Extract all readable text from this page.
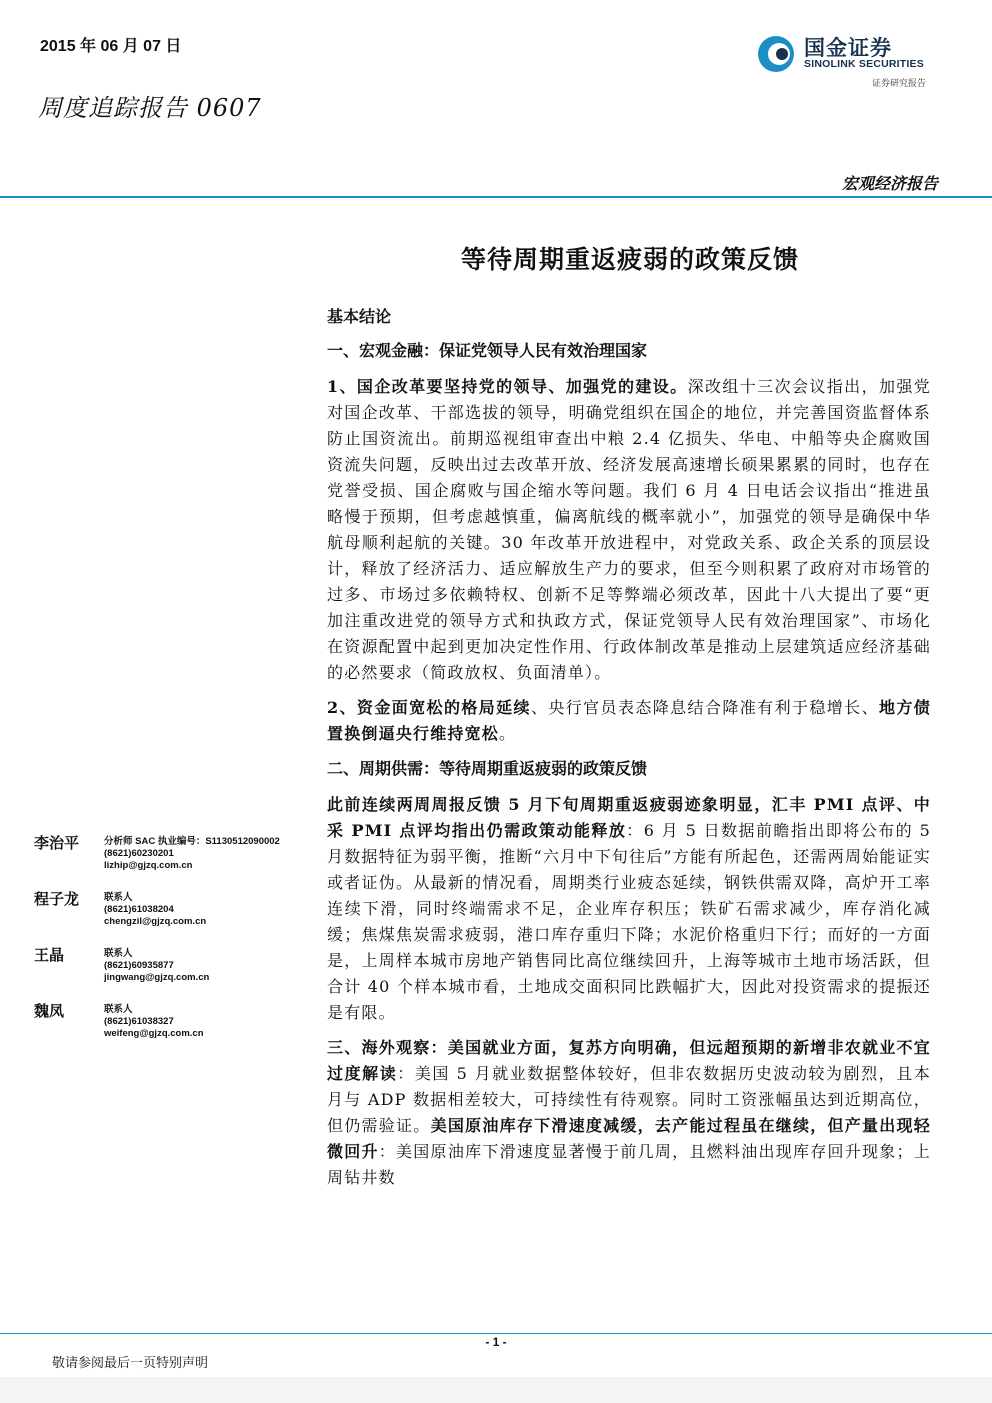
2015 年 06 月 07 日
周度追踪报告 0607
国金证券
SINOLINK SECURITIES
证券研究报告
宏观经济报告
等待周期重返疲弱的政策反馈
基本结论
一、宏观金融：保证党领导人民有效治理国家

1、国企改革要坚持党的领导、加强党的建设。深改组十三次会议指出，加强党对国企改革、干部选拔的领导，明确党组织在国企的地位，并完善国资监督体系防止国资流出。前期巡视组审查出中粮 2.4 亿损失、华电、中船等央企腐败国资流失问题，反映出过去改革开放、经济发展高速增长硕果累累的同时，也存在党誉受损、国企腐败与国企缩水等问题。我们 6 月 4 日电话会议指出“推进虽略慢于预期，但考虑越慎重，偏离航线的概率就小”，加强党的领导是确保中华航母顺利起航的关键。30 年改革开放进程中，对党政关系、政企关系的顶层设计，释放了经济活力、适应解放生产力的要求，但至今则积累了政府对市场管的过多、市场过多依赖特权、创新不足等弊端必须改革，因此十八大提出了要“更加注重改进党的领导方式和执政方式，保证党领导人民有效治理国家”、市场化在资源配置中起到更加决定性作用、行政体制改革是推动上层建筑适应经济基础的必然要求（简政放权、负面清单）。

2、资金面宽松的格局延续、央行官员表态降息结合降准有利于稳增长、地方债置换倒逼央行维持宽松。

二、周期供需：等待周期重返疲弱的政策反馈

此前连续两周周报反馈 5 月下旬周期重返疲弱迹象明显，汇丰 PMI 点评、中采 PMI 点评均指出仍需政策动能释放：6 月 5 日数据前瞻指出即将公布的 5 月数据特征为弱平衡，推断“六月中下旬往后”方能有所起色，还需两周始能证实或者证伪。从最新的情况看，周期类行业疲态延续，钢铁供需双降，高炉开工率连续下滑，同时终端需求不足，企业库存积压；铁矿石需求减少，库存消化减缓；焦煤焦炭需求疲弱，港口库存重归下降；水泥价格重归下行；而好的一方面是，上周样本城市房地产销售同比高位继续回升，上海等城市土地市场活跃，但合计 40 个样本城市看，土地成交面积同比跌幅扩大，因此对投资需求的提振还是有限。

三、海外观察：美国就业方面，复苏方向明确，但远超预期的新增非农就业不宜过度解读：美国 5 月就业数据整体较好，但非农数据历史波动较为剧烈，且本月与 ADP 数据相差较大，可持续性有待观察。同时工资涨幅虽达到近期高位，但仍需验证。美国原油库存下滑速度减缓，去产能过程虽在继续，但产量出现轻微回升：美国原油库下滑速度显著慢于前几周，且燃料油出现库存回升现象；上周钻井数

李治平	分析师 SAC 执业编号：S1130512090002
(8621)60230201
lizhip@gjzq.com.cn
程子龙	联系人
(8621)61038204
chengzil@gjzq.com.cn
王晶	联系人
(8621)60935877
jingwang@gjzq.com.cn
魏凤	联系人
(8621)61038327
weifeng@gjzq.com.cn
- 1 -
敬请参阅最后一页特别声明
